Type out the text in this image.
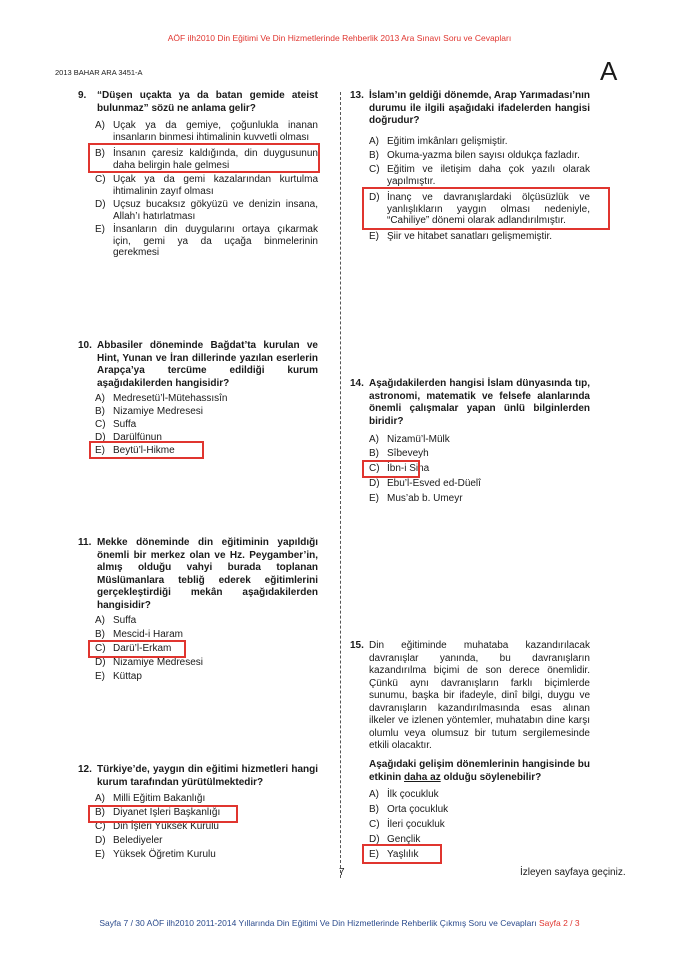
AÖF ilh2010 Din Eğitimi Ve Din Hizmetlerinde Rehberlik 2013 Ara Sınavı Soru ve Cevapları
2013 BAHAR ARA 3451-A	A
9. “Düşen uçakta ya da batan gemide ateist bulunmaz” sözü ne anlama gelir?
A) Uçak ya da gemiye, çoğunlukla inanan insanların binmesi ihtimalinin kuvvetli olması
B) İnsanın çaresiz kaldığında, din duygusunun daha belirgin hale gelmesi
C) Uçak ya da gemi kazalarından kurtulma ihtimalinin zayıf olması
D) Uçsuz bucaksız gökyüzü ve denizin insana, Allah’ı hatırlatması
E) İnsanların din duygularını ortaya çıkarmak için, gemi ya da uçağa binmelerinin gerekmesi
10. Abbasiler döneminde Bağdat’ta kurulan ve Hint, Yunan ve İran dillerinde yazılan eserlerin Arapça’ya tercüme edildiği kurum aşağıdakilerden hangisidir?
A) Medresetü’l-Mütehassısîn
B) Nizamiye Medresesi
C) Suffa
D) Darülfünun
E) Beytü’l-Hikme
11. Mekke döneminde din eğitiminin yapıldığı önemli bir merkez olan ve Hz. Peygamber’in, almış olduğu vahyi burada toplanan Müslümanlara tebliğ ederek eğitimlerini gerçekleştirdiği mekân aşağıdakilerden hangisidir?
A) Suffa
B) Mescid-i Haram
C) Darü’l-Erkam
D) Nizamiye Medresesi
E) Küttap
12. Türkiye’de, yaygın din eğitimi hizmetleri hangi kurum tarafından yürütülmektedir?
A) Milli Eğitim Bakanlığı
B) Diyanet İşleri Başkanlığı
C) Din İşleri Yüksek Kurulu
D) Belediyeler
E) Yüksek Öğretim Kurulu
13. İslam’ın geldiği dönemde, Arap Yarımadası’nın durumu ile ilgili aşağıdaki ifadelerden hangisi doğrudur?
A) Eğitim imkânları gelişmiştir.
B) Okuma-yazma bilen sayısı oldukça fazladır.
C) Eğitim ve iletişim daha çok yazılı olarak yapılmıştır.
D) İnanç ve davranışlardaki ölçüsüzlük ve yanlışlıkların yaygın olması nedeniyle, “Cahiliye” dönemi olarak adlandırılmıştır.
E) Şiir ve hitabet sanatları gelişmemiştir.
14. Aşağıdakilerden hangisi İslam dünyasında tıp, astronomi, matematik ve felsefe alanlarında önemli çalışmalar yapan ünlü bilginlerden biridir?
A) Nizamü’l-Mülk
B) Sîbeveyh
C) İbn-i Sina
D) Ebu’l-Esved ed-Düelî
E) Mus’ab b. Umeyr
15. Din eğitiminde muhataba kazandırılacak davranışlar yanında, bu davranışların kazandırılma biçimi de son derece önemlidir. Çünkü aynı davranışların farklı biçimlerde sunumu, başka bir ifadeyle, dinî bilgi, duygu ve davranışların kazandırılmasında esas alınan ilkeler ve izlenen yöntemler, muhatabın dine karşı olumlu veya olumsuz bir tutum sergilemesinde etkili olacaktır.
Aşağıdaki gelişim dönemlerinin hangisinde bu etkinin daha az olduğu söylenebilir?
A) İlk çocukluk
B) Orta çocukluk
C) İleri çocukluk
D) Gençlik
E) Yaşlılık
7	İzleyen sayfaya geçiniz.
Sayfa 7 / 30 AÖF ilh2010 2011-2014 Yıllarında Din Eğitimi Ve Din Hizmetlerinde Rehberlik Çıkmış Soru ve Cevapları Sayfa 2 / 3
